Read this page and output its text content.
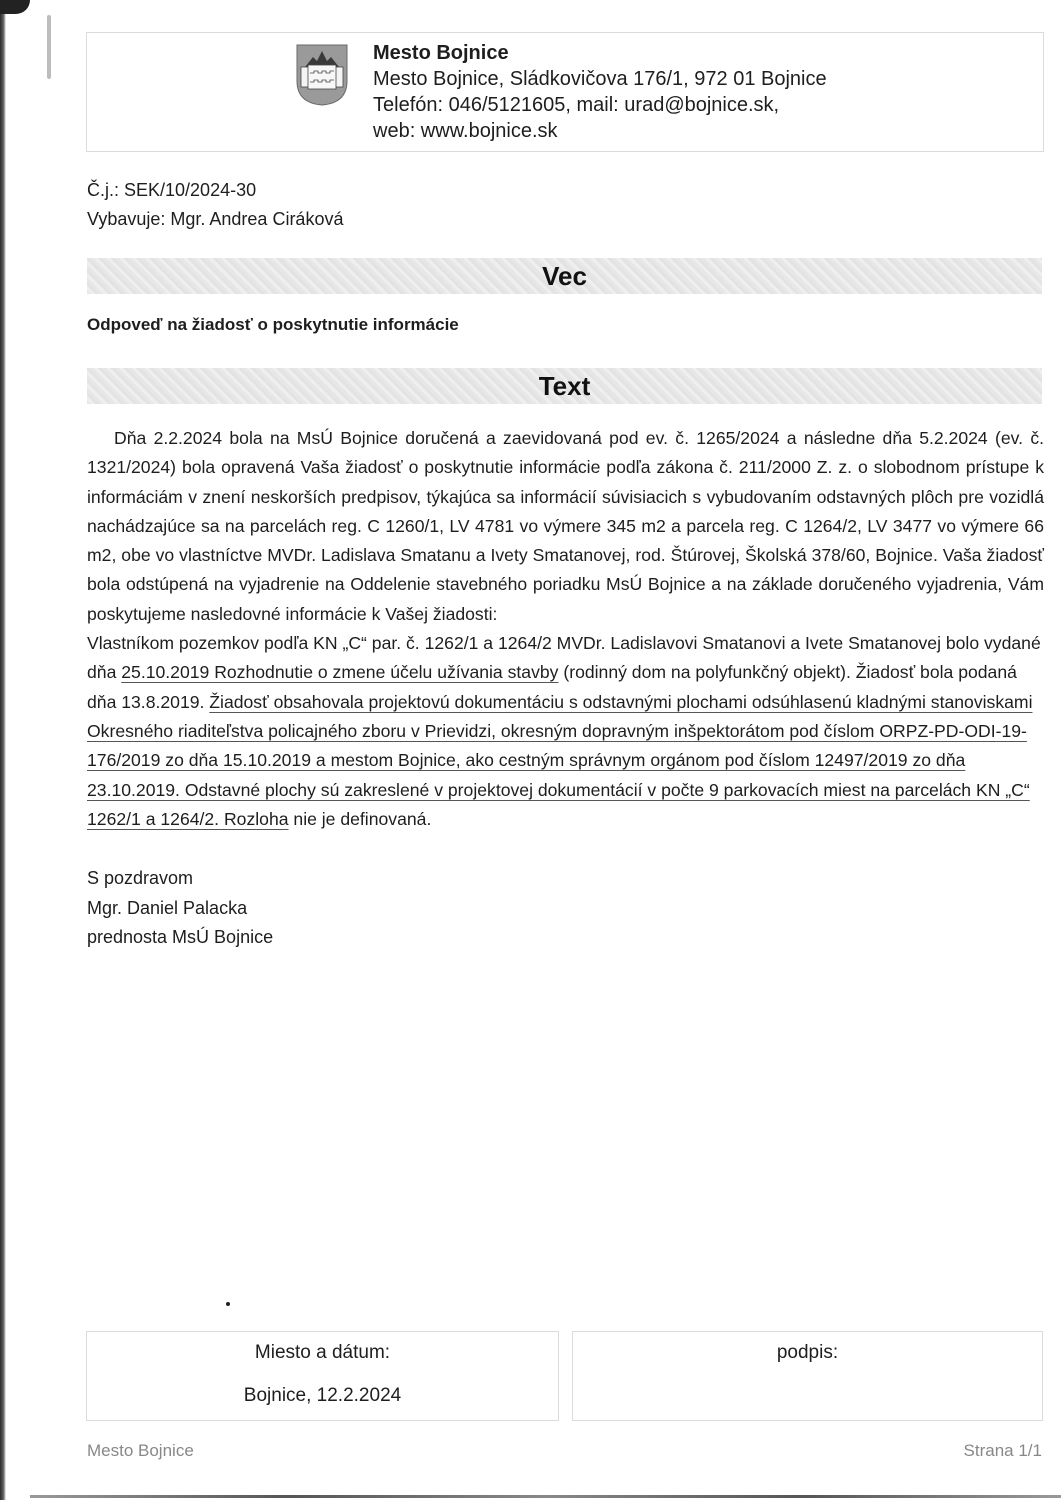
Mesto Bojnice
Mesto Bojnice, Sládkovičova 176/1, 972 01 Bojnice
Telefón: 046/5121605, mail: urad@bojnice.sk,
web: www.bojnice.sk
Č.j.: SEK/10/2024-30
Vybavuje: Mgr. Andrea Ciráková
Vec
Odpoveď na žiadosť o poskytnutie informácie
Text

Dňa 2.2.2024 bola na MsÚ Bojnice doručená a zaevidovaná pod ev. č. 1265/2024 a následne dňa 5.2.2024 (ev. č. 1321/2024) bola opravená Vaša žiadosť o poskytnutie informácie podľa zákona č. 211/2000 Z. z. o slobodnom prístupe k informáciám v znení neskorších predpisov, týkajúca sa informácií súvisiacich s vybudovaním odstavných plôch pre vozidlá nachádzajúce sa na parcelách reg. C 1260/1, LV 4781 vo výmere 345 m2 a parcela reg. C 1264/2, LV 3477 vo výmere 66 m2, obe vo vlastníctve MVDr. Ladislava Smatanu a Ivety Smatanovej, rod. Štúrovej, Školská 378/60, Bojnice. Vaša žiadosť bola odstúpená na vyjadrenie na Oddelenie stavebného poriadku MsÚ Bojnice a na základe doručeného vyjadrenia, Vám poskytujeme nasledovné informácie k Vašej žiadosti:

Vlastníkom pozemkov podľa KN „C“ par. č. 1262/1 a 1264/2 MVDr. Ladislavovi Smatanovi a Ivete Smatanovej bolo vydané dňa 25.10.2019 Rozhodnutie o zmene účelu užívania stavby (rodinný dom na polyfunkčný objekt). Žiadosť bola podaná dňa 13.8.2019. Žiadosť obsahovala projektovú dokumentáciu s odstavnými plochami odsúhlasenú kladnými stanoviskami Okresného riaditeľstva policajného zboru v Prievidzi, okresným dopravným inšpektorátom pod číslom ORPZ-PD-ODI-19-176/2019 zo dňa 15.10.2019 a mestom Bojnice, ako cestným správnym orgánom pod číslom 12497/2019 zo dňa 23.10.2019. Odstavné plochy sú zakreslené v projektovej dokumentácií v počte 9 parkovacích miest na parcelách KN „C“ 1262/1 a 1264/2. Rozloha nie je definovaná.

S pozdravom
Mgr. Daniel Palacka
prednosta MsÚ Bojnice
Miesto a dátum:
Bojnice, 12.2.2024
podpis:
Mesto Bojnice	Strana 1/1
